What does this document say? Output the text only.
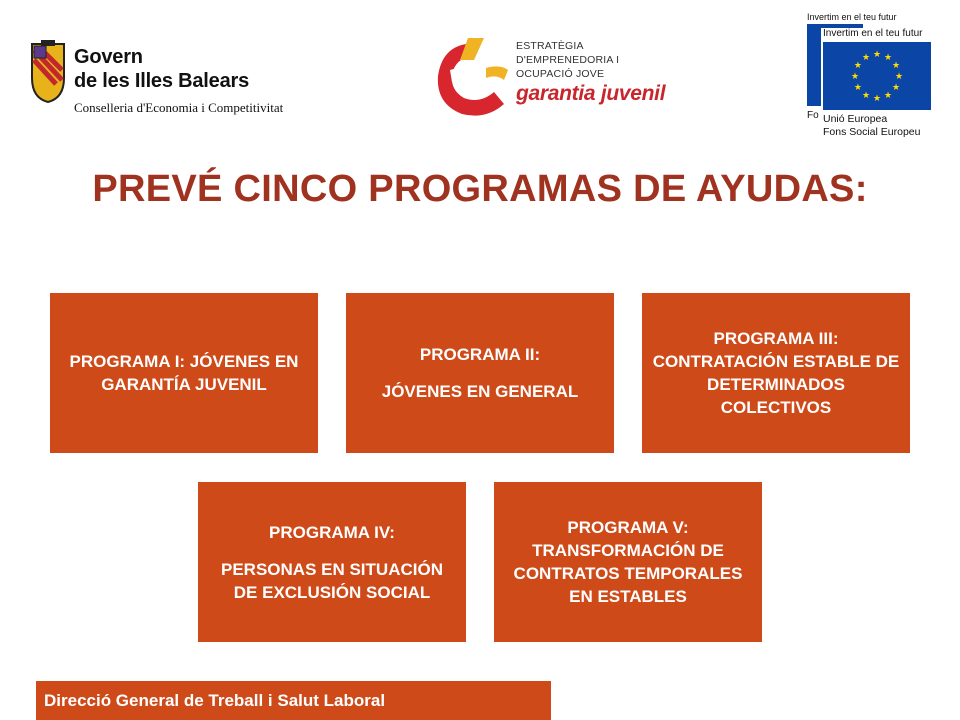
Govern
de les Illes Balears
Conselleria d'Economia i Competitivitat
ESTRATÈGIA
D'EMPRENEDORIA I
OCUPACIÓ JOVE
garantia juvenil
Invertim en el teu futur
Fo
Invertim en el teu futur
★ ★
★
★
★
★
★
★
★
★
★
★
Unió Europea
Fons Social Europeu
PREVÉ CINCO PROGRAMAS DE AYUDAS:

PROGRAMA I: JÓVENES EN GARANTÍA JUVENIL

PROGRAMA II:

JÓVENES EN GENERAL

PROGRAMA III: CONTRATACIÓN ESTABLE DE DETERMINADOS COLECTIVOS

PROGRAMA IV:

PERSONAS EN SITUACIÓN DE EXCLUSIÓN SOCIAL

PROGRAMA V: TRANSFORMACIÓN DE CONTRATOS TEMPORALES EN ESTABLES

Direcció General de Treball i Salut Laboral
